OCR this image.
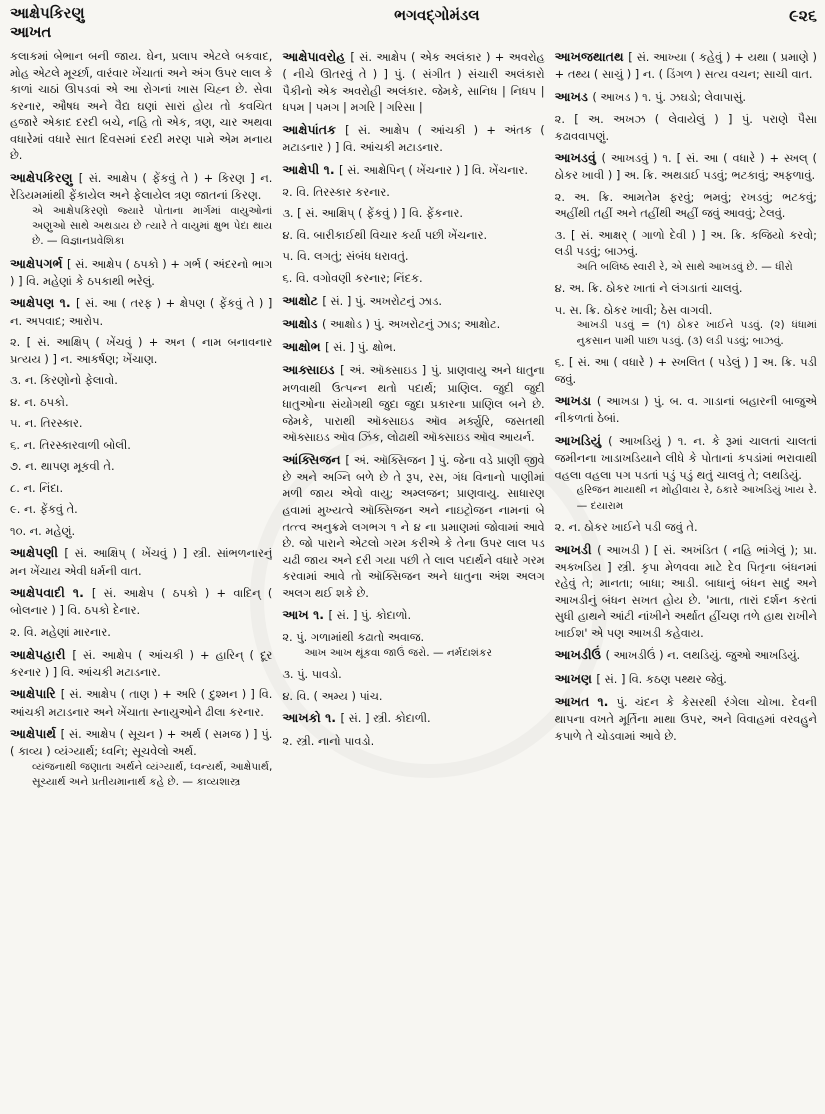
આક્ષેપકિરણુ
આખત
ભગવદ્ગોમંડલ	૯૨૬

કલાકમાં બેભાન બની જાય. ઘેન, પ્રલાપ એટલે બકવાદ, મોહ એટલે મૂર્ચ્છા, વારંવાર ખેંચાતાં અને અંગ ઉપર લાલ કે કાળાં ચાઠાં ઊપડવાં એ આ રોગનાં ખાસ ચિહ્ન છે. સેવા કરનાર, ઔષધ અને વૈદ્ય ઘણાં સારાં હોય તો કવચિત હજારે એકાદ દરદી બચે, નહિ તો એક, ત્રણ, ચાર અથવા વધારેમાં વધારે સાત દિવસમાં દરદી મરણ પામે એમ મનાય છે.

આક્ષેપકિરણુ [ સં. આક્ષેપ ( ફેંકવું તે ) + કિરણ ] ન. રેડિયમમાંથી ફેંકાયેલ અને ફેલાયેલ ત્રણ જાતનાં કિરણ.
એ આક્ષેપકિરણો જ્યારે પોતાના માર્ગમાં વાયુઓનાં અણુઓ સાથે અથડાય છે ત્યારે તે વાયુમાં ક્ષુભ પેદા થાય છે. — વિજ્ઞાનપ્રવેશિકા

આક્ષેપગર્ભ [ સં. આક્ષેપ ( ઠપકો ) + ગર્ભ ( અંદરનો ભાગ ) ] વિ. મહેણાં કે ઠપકાથી ભરેલું.

આક્ષેપણ ૧. [ સં. આ ( તરફ ) + ક્ષેપણ ( ફેંકવું તે ) ] ન. અપવાદ; આરોપ.

૨. [ સં. આક્ષિપ્ ( ખેંચવું ) + અન ( નામ બનાવનાર પ્રત્યય ) ] ન. આકર્ષણ; ખેંચાણ.

૩. ન. કિરણોનો ફેલાવો.

૪. ન. ઠપકો.

૫. ન. તિરસ્કાર.

૬. ન. તિરસ્કારવાળી બોલી.

૭. ન. થાપણ મૂકવી તે.

૮. ન. નિંદા.

૯. ન. ફેંકવું તે.

૧૦. ન. મહેણું.

આક્ષેપણી [ સં. આક્ષિપ્ ( ખેંચવું ) ] સ્ત્રી. સાંભળનારનું મન ખેંચાય એવી ધર્મની વાત.

આક્ષેપવાદી ૧. [ સં. આક્ષેપ ( ઠપકો ) + વાદિન્ ( બોલનાર ) ] વિ. ઠપકો દેનાર.

૨. વિ. મહેણાં મારનાર.

આક્ષેપહારી [ સં. આક્ષેપ ( આંચકી ) + હારિન્ ( દૂર કરનાર ) ] વિ. આંચકી મટાડનાર.

આક્ષેપારિ [ સં. આક્ષેપ ( તાણ ) + અરિ ( દુશ્મન ) ] વિ. આંચકી મટાડનાર અને ખેંચાતા સ્નાયુઓને ઢીલા કરનાર.

આક્ષેપાર્થ [ સં. આક્ષેપ ( સૂચન ) + અર્થ ( સમજ ) ] પું. ( કાવ્ય ) વ્યંગ્યાર્થ; ધ્વનિ; સૂચવેલો અર્થ.
વ્યંજનાથી જણાતા અર્થને વ્યંગ્યાર્થ, ધ્વન્યર્થ, આક્ષેપાર્થ, સૂચ્યાર્થ અને પ્રતીયમાનાર્થ કહે છે. — કાવ્યશાસ્ત્ર

આક્ષેપાવરોહ [ સં. આક્ષેપ ( એક અલંકાર ) + અવરોહ ( નીચે ઊતરવું તે ) ] પું. ( સંગીત ) સંચારી અલંકારો પૈકીનો એક અવરોહી અલંકાર. જેમકે, સાનિધ | નિધપ | ધપમ | પમગ | મગરિ | ગરિસા |

આક્ષેપાંતક [ સં. આક્ષેપ ( આંચકી ) + અંતક ( મટાડનાર ) ] વિ. આંચકી મટાડનાર.

આક્ષેપી ૧. [ સં. આક્ષેપિન્ ( ખેંચનાર ) ] વિ. ખેંચનાર.

૨. વિ. તિરસ્કાર કરનાર.

૩. [ સં. આક્ષિપ્ ( ફેંકવું ) ] વિ. ફેંકનાર.

૪. વિ. બારીકાઈથી વિચાર કર્યા પછી ખેંચનાર.

૫. વિ. લગતું; સંબંધ ધરાવતું.

૬. વિ. વગોવણી કરનાર; નિંદક.

આક્ષોટ [ સં. ] પું. અખરોટનું ઝાડ.

આક્ષોડ ( આક્ષોડ ) પું. અખરોટનું ઝાડ; આક્ષોટ.

આક્ષોભ [ સં. ] પું. ક્ષોભ.

આક્સાઇડ [ અં. ઑક્સાઇડ ] પું. પ્રાણવાયુ અને ધાતુના મળવાથી ઉત્પન્ન થતો પદાર્થ; પ્રાણિલ. જુદી જુદી ધાતુઓના સંયોગથી જુદા જુદા પ્રકારના પ્રાણિલ બને છે. જેમકે, પારાથી ઑક્સાઇડ ઑવ મર્ક્યુરિ, જસતથી ઑક્સાઇડ ઑવ ઝિંક, લોઢાથી ઑક્સાઇડ ઑવ આયર્ન.

આંક્સિજન [ અં. ઑક્સિજન ] પું. જેના વડે પ્રાણી જીવે છે અને અગ્નિ બળે છે તે રૂપ, રસ, ગંધ વિનાનો પાણીમાં મળી જાય એવો વાયુ; અમ્લજન; પ્રાણવાયુ. સાધારણ હવામાં મુખ્યત્વે ઑક્સિજન અને નાઇટ્રોજન નામનાં બે તત્ત્વ અનુક્રમે લગભગ ૧ ને ૪ ના પ્રમાણમાં જોવામાં આવે છે. જો પારાને એટલો ગરમ કરીએ કે તેના ઉપર લાલ પડ ચઢી જાય અને દરી ગયા પછી તે લાલ પદાર્થને વધારે ગરમ કરવામાં આવે તો ઑક્સિજન અને ધાતુના અંશ અલગ અલગ થઈ શકે છે.

આખ ૧. [ સં. ] પું. કોદાળો.

૨. પું. ગળામાંથી કઢાતો અવાજ.
આખ આખ થૂંકવા જાઉં જરો. — નર્મદાશંકર

૩. પું. પાવડો.

૪. વિ. ( અમ્ય ) પાંચ.

આખકો ૧. [ સં. ] સ્ત્રી. કોદાળી.

૨. સ્ત્રી. નાનો પાવડો.

આખજથાતથ [ સં. આખ્યા ( કહેવું ) + યથા ( પ્રમાણે ) + તથ્ય ( સાચું ) ] ન. ( ડિંગળ ) સત્ય વચન; સાચી વાત.

આખડ ( આખડ ) ૧. પું. ઝઘડો; લેવાપાસું.

૨. [ અ. અખઝ ( લેવાયેલું ) ] પું. પરાણે પૈસા કઢાવવાપણું.

આખડવું ( આખડવું ) ૧. [ સં. આ ( વધારે ) + સ્ખલ્ ( ઠોકર ખાવી ) ] અ. ક્રિ. અથડાઈ પડવું; ભટકાવું; અફળાવું.

૨. અ. ક્રિ. આમતેમ ફરવું; ભમવું; રખડવું; ભટકવું; અહીંથી તહીં અને તહીંથી અહીં જવું આવવું; ટેલવું.

૩. [ સં. આક્ષર્ ( ગાળો દેવી ) ] અ. ક્રિ. કજિયો કરવો; લડી પડવું; બાઝવું.
અતિ બલિષ્ઠ સ્વારી રે, એ સાથે આખડવું છે. — ધીરો

૪. અ. ક્રિ. ઠોકર ખાતાં ને લંગડાતાં ચાલવું.

૫. સ. ક્રિ. ઠોકર ખાવી; ઠેસ વાગવી.
આખડી પડવું = (૧) ઠોકર ખાઈને પડવું. (૨) ધંધામાં નુકસાન પામી પાછા પડવું. (૩) લડી પડવું; બાઝવું.

૬. [ સં. આ ( વધારે ) + સ્ખલિત ( પડેલું ) ] અ. ક્રિ. પડી જવું.

આખડા ( આખડા ) પું. બ. વ. ગાડાનાં બહારની બાજુએ નીકળતાં ઠેબાં.

આખડિયું ( આખડિયું ) ૧. ન. કે રૂમાં ચાલતાં ચાલતાં જમીનના ખાડાખડિયાને લીધે કે પોતાનાં કપડાંમાં ભરાવાથી વહલા વહલા પગ પડતાં પડું પડું થતું ચાલવું તે; લથડિયું.
હરિજન માયાથી ન મોહીવાય રે, ઠકારે આખડિયું ખાય રે. — દયારામ

૨. ન. ઠોકર ખાઈને પડી જવું તે.

આખડી ( આખડી ) [ સં. અખંડિત ( નહિ ભાંગેલું ); પ્રા. અક્ખડિય ] સ્ત્રી. કૃપા મેળવવા માટે દેવ પિતૃના બંધનમાં રહેવું તે; માનતા; બાધા; આડી. બાધાનું બંધન સાદું અને આખડીનું બંધન સખત હોય છે. 'માતા, તારાં દર્શન કરતાં સુધી હાથને આંટી નાંખીને અર્થાત હીંચણ તળે હાથ રાખીને ખાઈશ' એ પણ આખડી કહેવાય.

આખડીઉં ( આખડીઉં ) ન. લથડિયું. જુઓ આખડિયું.

આખણ [ સં. ] વિ. કઠણ પથ્થર જેવું.

આખત ૧. પું. ચંદન કે કેસરથી રંગેલા ચોખા. દેવની થાપના વખતે મૂર્તિના માથા ઉપર, અને વિવાહમાં વરવહુને કપાળે તે ચોડવામાં આવે છે.
